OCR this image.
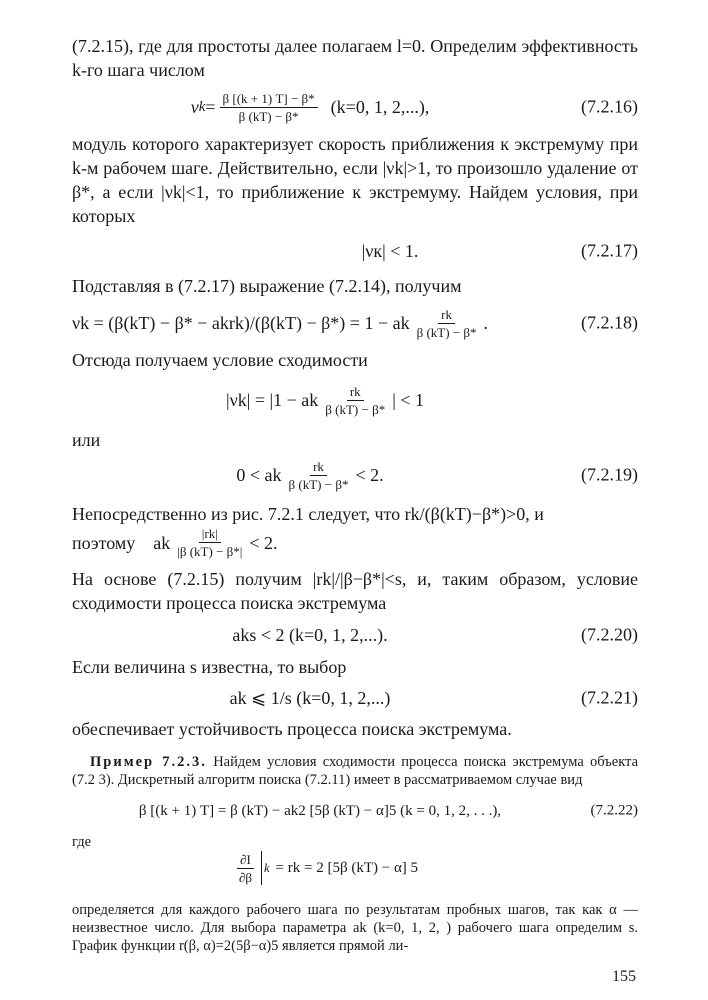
(7.2.15), где для простоты далее полагаем l=0. Определим эффективность k-го шага числом

ν $k = \frac{\beta [(k + 1) T] - \beta*}{\beta (kT) - \beta*}$
(k=0, 1, 2,...),	(7.2.16)

модуль которого характеризует скорость приближения к экстремуму при k-м рабочем шаге. Действительно, если |νk|>1, то произошло удаление от β*, а если |νk|<1, то приближение к экстремуму. Найдем условия, при которых

|νк| < 1.	(7.2.17)

Подставляя в (7.2.17) выражение (7.2.14), получим

νk = (β(kT) − β* − akrk)/(β(kT) − β*) = 1 − ak $\frac{rk}{\beta (kT) - \beta*}$ .	(7.2.18)

Отсюда получаем условие сходимости

|νk| = |1 − ak $\frac{rk}{\beta (kT) - \beta*}$ | < 1

или

0 < ak $\frac{rk}{\beta (kT) - \beta*} < 2$.	(7.2.19)

Непосредственно из рис. 7.2.1 следует, что rk/(β(kT)−β*)>0, и

поэтому ak $\frac{|rk|}{|\beta (kT) - \beta*|} < 2$.

На основе (7.2.15) получим |rk|/|β−β*|<s, и, таким образом, условие сходимости процесса поиска экстремума

aks < 2 (k=0, 1, 2,...).	(7.2.20)

Если величина s известна, то выбор

ak ⩽ 1/s (k=0, 1, 2,...)	(7.2.21)

обеспечивает устойчивость процесса поиска экстремума.

Пример 7.2.3. Найдем условия сходимости процесса поиска экстремума объекта (7.2 3). Дискретный алгоритм поиска (7.2.11) имеет в рассматриваемом случае вид

β [(k + 1) T] = β (kT) − ak2 [5β (kT) − α]5 (k = 0, 1, 2, . . .),	(7.2.22)

где

$\frac{\partial I}{\partial\beta}$ k = rk = 2 [5β (kT) − α] 5

определяется для каждого рабочего шага по результатам пробных шагов, так как α — неизвестное число. Для выбора параметра ak (k=0, 1, 2, ) рабочего шага определим s. График функции r(β, α)=2(5β−α)5 является прямой ли-

155
